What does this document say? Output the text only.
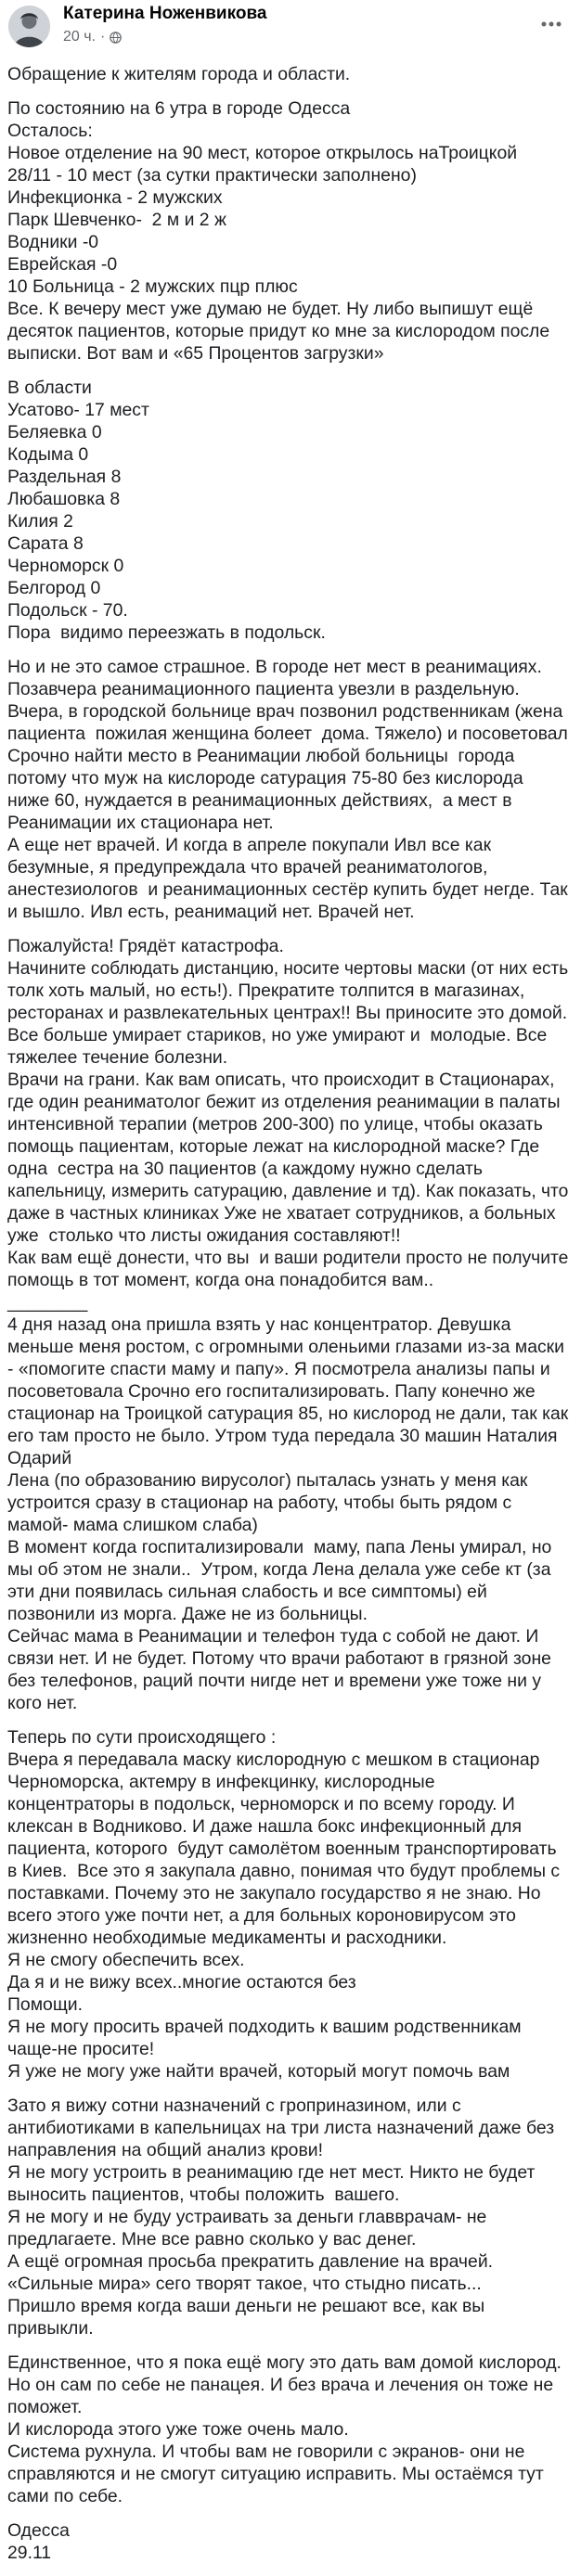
Катерина Ноженвикова
20 ч. ·
Обращение к жителям города и области.
По состоянию на 6 утра в городе Одесса
Осталось:
Новое отделение на 90 мест, которое открылось наТроицкой
28/11 - 10 мест (за сутки практически заполнено)
Инфекционка - 2 мужских
Парк Шевченко-  2 м и 2 ж
Водники -0
Еврейская -0
10 Больница - 2 мужских пцр плюс
Все. К вечеру мест уже думаю не будет. Ну либо выпишут ещё
десяток пациентов, которые придут ко мне за кислородом после
выписки. Вот вам и «65 Процентов загрузки»
В области
Усатово- 17 мест
Беляевка 0
Кодыма 0
Раздельная 8
Любашовка 8
Килия 2
Сарата 8
Черноморск 0
Белгород 0
Подольск - 70.
Пора  видимо переезжать в подольск.
Но и не это самое страшное. В городе нет мест в реанимациях.
Позавчера реанимационного пациента увезли в раздельную.
Вчера, в городской больнице врач позвонил родственникам (жена
пациента  пожилая женщина болеет  дома. Тяжело) и посоветовал
Срочно найти место в Реанимации любой больницы  города
потому что муж на кислороде сатурация 75-80 без кислорода
ниже 60, нуждается в реанимационных действиях,  а мест в
Реанимации их стационара нет.
А еще нет врачей. И когда в апреле покупали Ивл все как
безумные, я предупреждала что врачей реаниматологов,
анестезиологов  и реанимационных сестёр купить будет негде. Так
и вышло. Ивл есть, реанимаций нет. Врачей нет.
Пожалуйста! Грядёт катастрофа.
Начините соблюдать дистанцию, носите чертовы маски (от них есть
толк хоть малый, но есть!). Прекратите толпится в магазинах,
ресторанах и развлекательных центрах!! Вы приносите это домой.
Все больше умирает стариков, но уже умирают и  молодые. Все
тяжелее течение болезни.
Врачи на грани. Как вам описать, что происходит в Стационарах,
где один реаниматолог бежит из отделения реанимации в палаты
интенсивной терапии (метров 200-300) по улице, чтобы оказать
помощь пациентам, которые лежат на кислородной маске? Где
одна  сестра на 30 пациентов (а каждому нужно сделать
капельницу, измерить сатурацию, давление и тд). Как показать, что
даже в частных клиниках Уже не хватает сотрудников, а больных
уже  столько что листы ожидания составляют!!
Как вам ещё донести, что вы  и ваши родители просто не получите
помощь в тот момент, когда она понадобится вам..
________
4 дня назад она пришла взять у нас концентратор. Девушка
меньше меня ростом, с огромными оленьими глазами из-за маски
- «помогите спасти маму и папу». Я посмотрела анализы папы и
посоветовала Срочно его госпитализировать. Папу конечно же
стационар на Троицкой сатурация 85, но кислород не дали, так как
его там просто не было. Утром туда передала 30 машин Наталия
Одарий
Лена (по образованию вирусолог) пыталась узнать у меня как
устроится сразу в стационар на работу, чтобы быть рядом с
мамой- мама слишком слаба)
В момент когда госпитализировали  маму, папа Лены умирал, но
мы об этом не знали..  Утром, когда Лена делала уже себе кт (за
эти дни появилась сильная слабость и все симптомы) ей
позвонили из морга. Даже не из больницы.
Сейчас мама в Реанимации и телефон туда с собой не дают. И
связи нет. И не будет. Потому что врачи работают в грязной зоне
без телефонов, раций почти нигде нет и времени уже тоже ни у
кого нет.
Теперь по сути происходящего :
Вчера я передавала маску кислородную с мешком в стационар
Черноморска, актемру в инфекцинку, кислородные
концентраторы в подольск, черноморск и по всему городу. И
клексан в Водниково. И даже нашла бокс инфекционный для
пациента, которого  будут самолётом военным транспортировать
в Киев.  Все это я закупала давно, понимая что будут проблемы с
поставками. Почему это не закупало государство я не знаю. Но
всего этого уже почти нет, а для больных короновирусом это
жизненно необходимые медикаменты и расходники.
Я не смогу обеспечить всех.
Да я и не вижу всех..многие остаются без
Помощи.
Я не могу просить врачей подходить к вашим родственникам
чаще-не просите!
Я уже не могу уже найти врачей, который могут помочь вам
Зато я вижу сотни назначений с гроприназином, или с
антибиотиками в капельницах на три листа назначений даже без
направления на общий анализ крови!
Я не могу устроить в реанимацию где нет мест. Никто не будет
выносить пациентов, чтобы положить  вашего.
Я не могу и не буду устраивать за деньги главврачам- не
предлагаете. Мне все равно сколько у вас денег.
А ещё огромная просьба прекратить давление на врачей.
«Сильные мира» сего творят такое, что стыдно писать...
Пришло время когда ваши деньги не решают все, как вы
привыкли.
Единственное, что я пока ещё могу это дать вам домой кислород.
Но он сам по себе не панацея. И без врача и лечения он тоже не
поможет.
И кислорода этого уже тоже очень мало.
Система рухнула. И чтобы вам не говорили с экранов- они не
справляются и не смогут ситуацию исправить. Мы остаёмся тут
сами по себе.
Одесса
29.11
